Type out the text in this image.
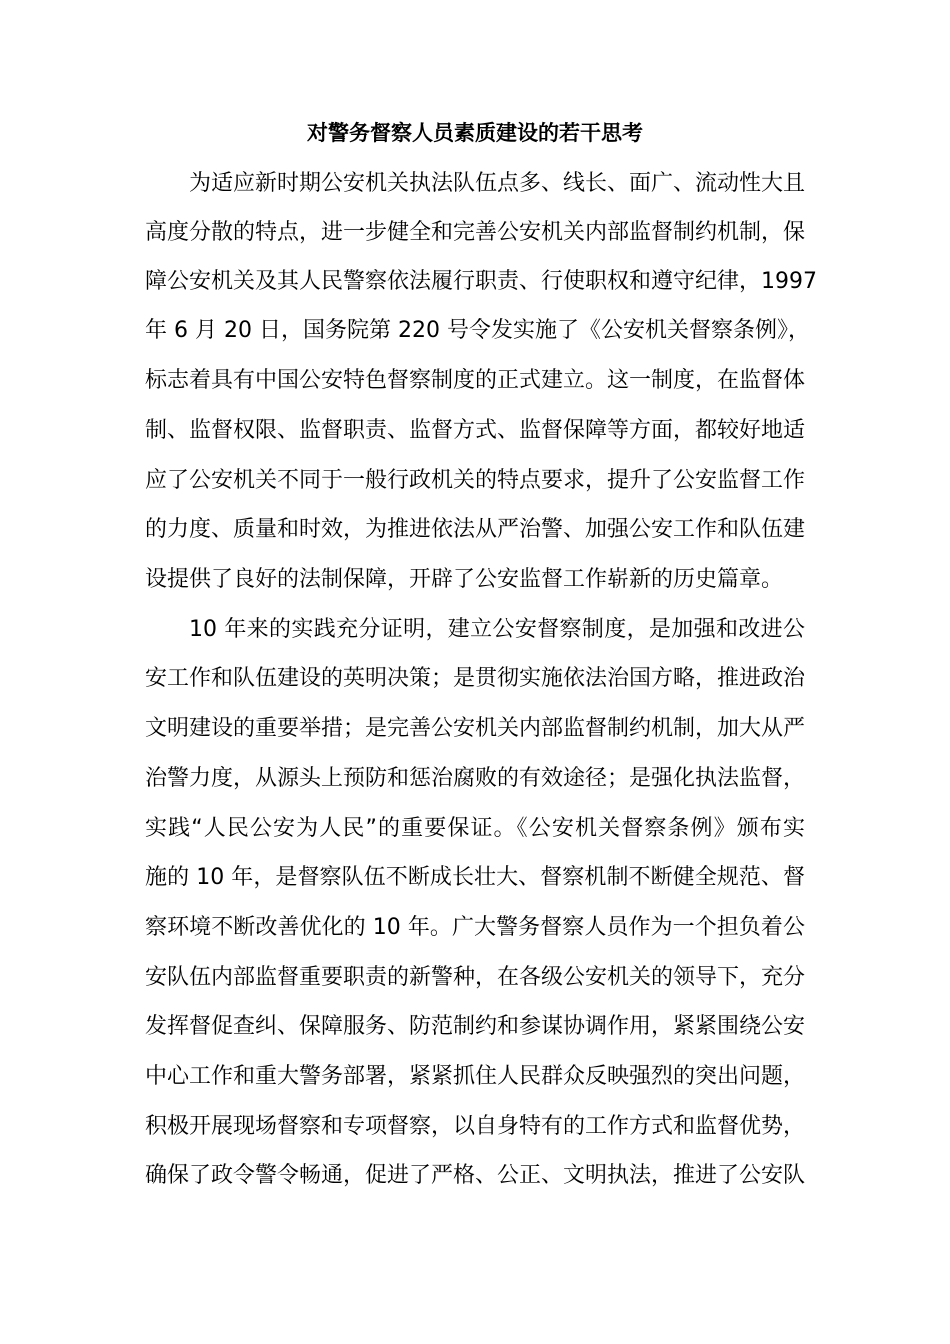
对警务督察人员素质建设的若干思考

为适应新时期公安机关执法队伍点多、线长、面广、流动性大且

高度分散的特点，进一步健全和完善公安机关内部监督制约机制，保

障公安机关及其人民警察依法履行职责、行使职权和遵守纪律，1997

年 6 月 20 日，国务院第 220 号令发实施了《公安机关督察条例》，

标志着具有中国公安特色督察制度的正式建立。这一制度，在监督体

制、监督权限、监督职责、监督方式、监督保障等方面，都较好地适

应了公安机关不同于一般行政机关的特点要求，提升了公安监督工作

的力度、质量和时效，为推进依法从严治警、加强公安工作和队伍建

设提供了良好的法制保障，开辟了公安监督工作崭新的历史篇章。

10 年来的实践充分证明，建立公安督察制度，是加强和改进公

安工作和队伍建设的英明决策；是贯彻实施依法治国方略，推进政治

文明建设的重要举措；是完善公安机关内部监督制约机制，加大从严

治警力度，从源头上预防和惩治腐败的有效途径；是强化执法监督，

实践“人民公安为人民”的重要保证。《公安机关督察条例》颁布实

施的 10 年，是督察队伍不断成长壮大、督察机制不断健全规范、督

察环境不断改善优化的 10 年。广大警务督察人员作为一个担负着公

安队伍内部监督重要职责的新警种，在各级公安机关的领导下，充分

发挥督促查纠、保障服务、防范制约和参谋协调作用，紧紧围绕公安

中心工作和重大警务部署，紧紧抓住人民群众反映强烈的突出问题，

积极开展现场督察和专项督察，以自身特有的工作方式和监督优势，

确保了政令警令畅通，促进了严格、公正、文明执法，推进了公安队
